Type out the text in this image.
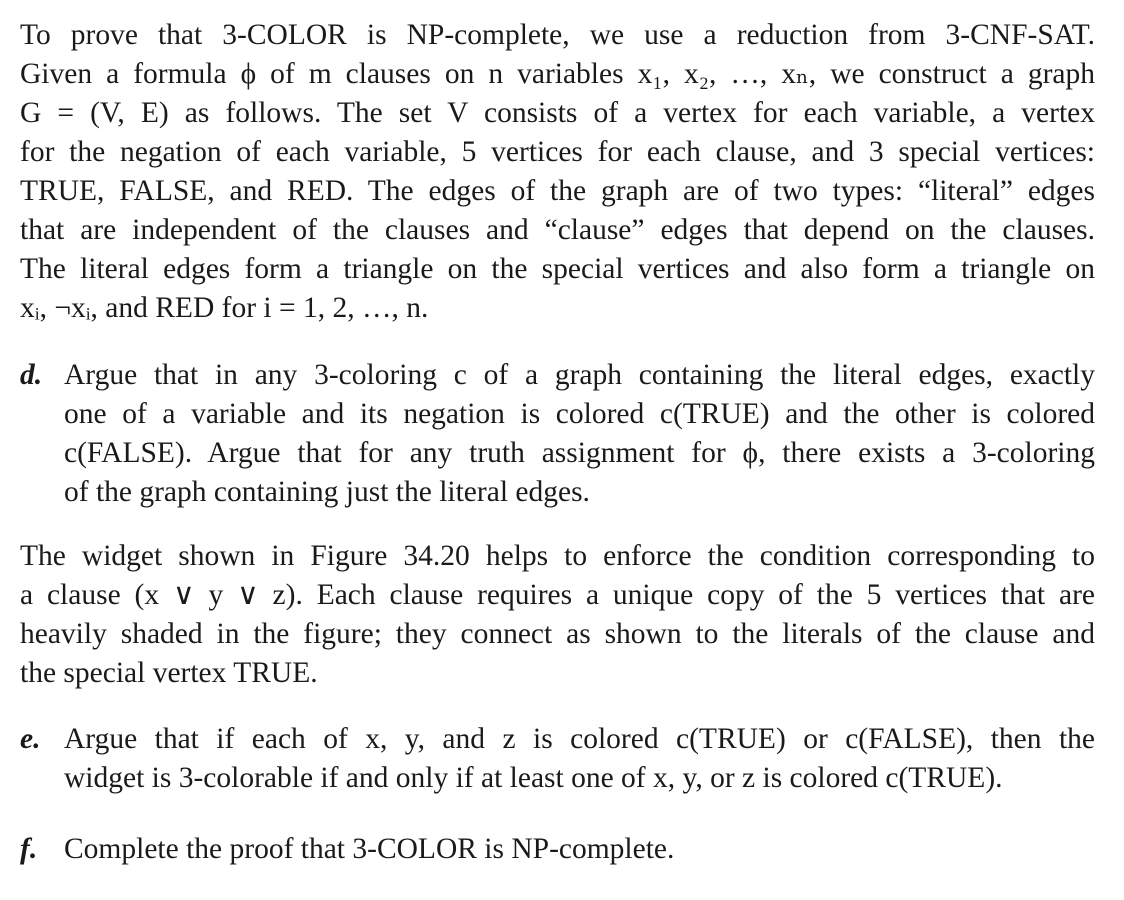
To prove that 3-COLOR is NP-complete, we use a reduction from 3-CNF-SAT.
Given a formula ϕ of m clauses on n variables x₁, x₂, …, xₙ, we construct a graph
G = (V, E) as follows. The set V consists of a vertex for each variable, a vertex
for the negation of each variable, 5 vertices for each clause, and 3 special vertices:
TRUE, FALSE, and RED. The edges of the graph are of two types: “literal” edges
that are independent of the clauses and “clause” edges that depend on the clauses.
The literal edges form a triangle on the special vertices and also form a triangle on
xᵢ, ¬xᵢ, and RED for i = 1, 2, …, n.
d. Argue that in any 3-coloring c of a graph containing the literal edges, exactly
one of a variable and its negation is colored c(TRUE) and the other is colored
c(FALSE). Argue that for any truth assignment for ϕ, there exists a 3-coloring
of the graph containing just the literal edges.
The widget shown in Figure 34.20 helps to enforce the condition corresponding to
a clause (x ∨ y ∨ z). Each clause requires a unique copy of the 5 vertices that are
heavily shaded in the figure; they connect as shown to the literals of the clause and
the special vertex TRUE.
e. Argue that if each of x, y, and z is colored c(TRUE) or c(FALSE), then the
widget is 3-colorable if and only if at least one of x, y, or z is colored c(TRUE).
f. Complete the proof that 3-COLOR is NP-complete.
